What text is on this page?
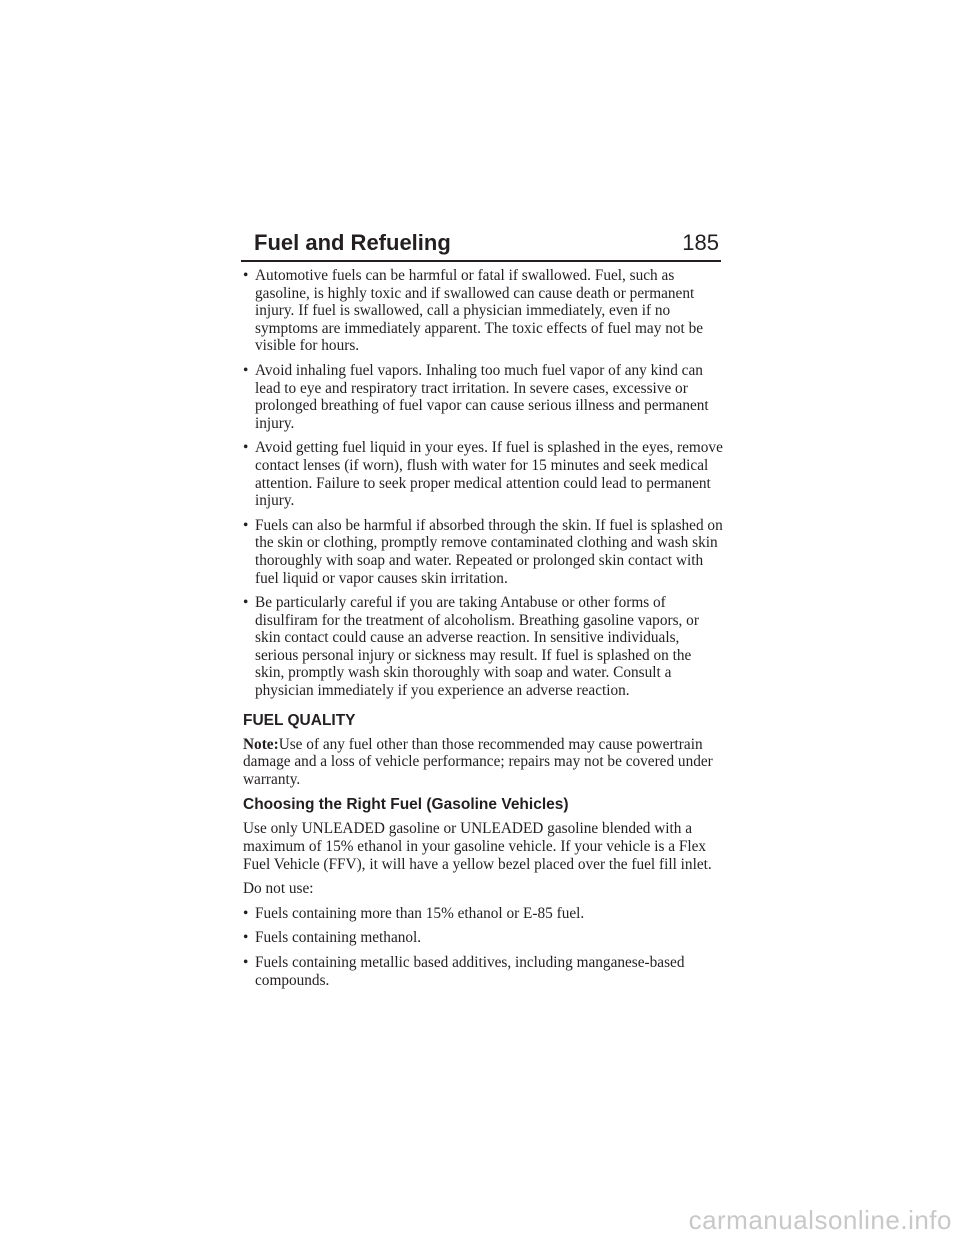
Fuel and Refueling	185
• Automotive fuels can be harmful or fatal if swallowed. Fuel, such as gasoline, is highly toxic and if swallowed can cause death or permanent injury. If fuel is swallowed, call a physician immediately, even if no symptoms are immediately apparent. The toxic effects of fuel may not be visible for hours.
• Avoid inhaling fuel vapors. Inhaling too much fuel vapor of any kind can lead to eye and respiratory tract irritation. In severe cases, excessive or prolonged breathing of fuel vapor can cause serious illness and permanent injury.
• Avoid getting fuel liquid in your eyes. If fuel is splashed in the eyes, remove contact lenses (if worn), flush with water for 15 minutes and seek medical attention. Failure to seek proper medical attention could lead to permanent injury.
• Fuels can also be harmful if absorbed through the skin. If fuel is splashed on the skin or clothing, promptly remove contaminated clothing and wash skin thoroughly with soap and water. Repeated or prolonged skin contact with fuel liquid or vapor causes skin irritation.
• Be particularly careful if you are taking Antabuse or other forms of disulfiram for the treatment of alcoholism. Breathing gasoline vapors, or skin contact could cause an adverse reaction. In sensitive individuals, serious personal injury or sickness may result. If fuel is splashed on the skin, promptly wash skin thoroughly with soap and water. Consult a physician immediately if you experience an adverse reaction.
FUEL QUALITY

Note:Use of any fuel other than those recommended may cause powertrain damage and a loss of vehicle performance; repairs may not be covered under warranty.

Choosing the Right Fuel (Gasoline Vehicles)

Use only UNLEADED gasoline or UNLEADED gasoline blended with a maximum of 15% ethanol in your gasoline vehicle. If your vehicle is a Flex Fuel Vehicle (FFV), it will have a yellow bezel placed over the fuel fill inlet.

Do not use:

• Fuels containing more than 15% ethanol or E-85 fuel.
• Fuels containing methanol.
• Fuels containing metallic based additives, including manganese-based compounds.
carmanualsonline.info
